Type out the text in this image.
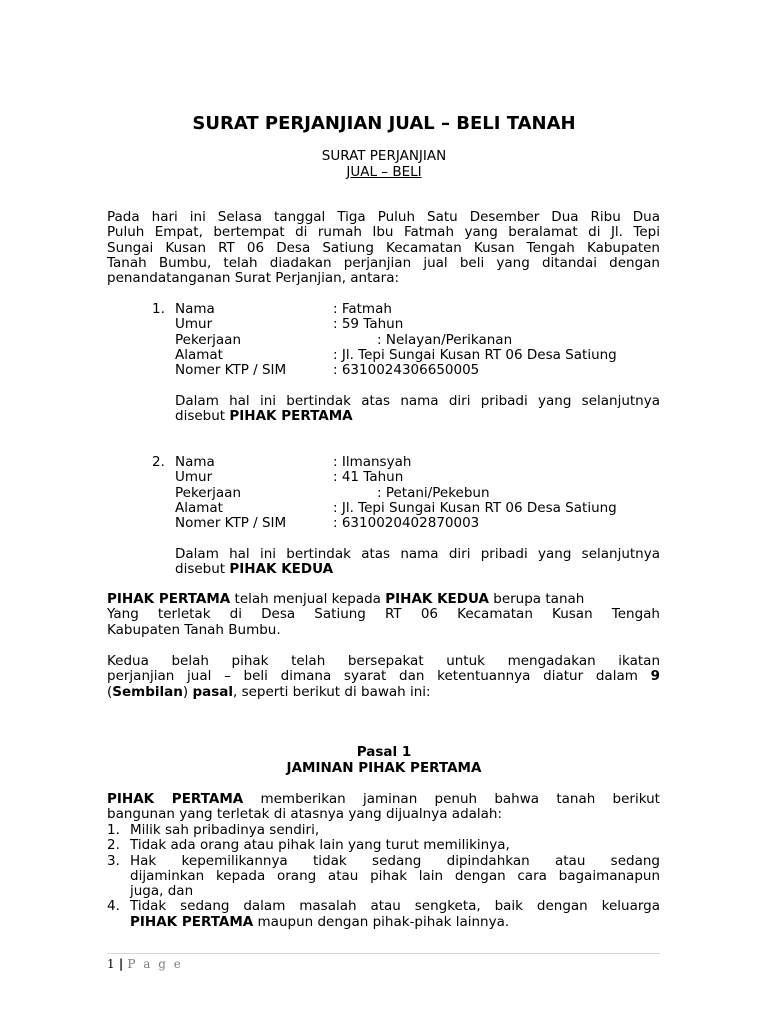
SURAT PERJANJIAN JUAL – BELI TANAH
SURAT PERJANJIAN
JUAL – BELI
Pada hari ini Selasa tanggal Tiga Puluh Satu Desember Dua Ribu Dua
Puluh Empat, bertempat di rumah Ibu Fatmah yang beralamat di Jl. Tepi
Sungai Kusan RT 06 Desa Satiung Kecamatan Kusan Tengah Kabupaten
Tanah Bumbu, telah diadakan perjanjian jual beli yang ditandai dengan
penandatanganan Surat Perjanjian, antara:
1. Nama	: Fatmah
Umur	: 59 Tahun
Pekerjaan	: Nelayan/Perikanan
Alamat	: Jl. Tepi Sungai Kusan RT 06 Desa Satiung
Nomer KTP / SIM	: 6310024306650005
Dalam hal ini bertindak atas nama diri pribadi yang selanjutnya
disebut PIHAK PERTAMA
2. Nama	: Ilmansyah
Umur	: 41 Tahun
Pekerjaan	: Petani/Pekebun
Alamat	: Jl. Tepi Sungai Kusan RT 06 Desa Satiung
Nomer KTP / SIM	: 6310020402870003
Dalam hal ini bertindak atas nama diri pribadi yang selanjutnya
disebut PIHAK KEDUA
PIHAK PERTAMA telah menjual kepada PIHAK KEDUA berupa tanah
Yang terletak di Desa Satiung RT 06 Kecamatan Kusan Tengah
Kabupaten Tanah Bumbu.
Kedua belah pihak telah bersepakat untuk mengadakan ikatan
perjanjian jual – beli dimana syarat dan ketentuannya diatur dalam 9
(Sembilan) pasal, seperti berikut di bawah ini:
Pasal 1
JAMINAN PIHAK PERTAMA
PIHAK PERTAMA memberikan jaminan penuh bahwa tanah berikut
bangunan yang terletak di atasnya yang dijualnya adalah:
1. Milik sah pribadinya sendiri,
2. Tidak ada orang atau pihak lain yang turut memilikinya,
3. Hak kepemilikannya tidak sedang dipindahkan atau sedang
dijaminkan kepada orang atau pihak lain dengan cara bagaimanapun
juga, dan
4. Tidak sedang dalam masalah atau sengketa, baik dengan keluarga
PIHAK PERTAMA maupun dengan pihak-pihak lainnya.
1 | P a g e
